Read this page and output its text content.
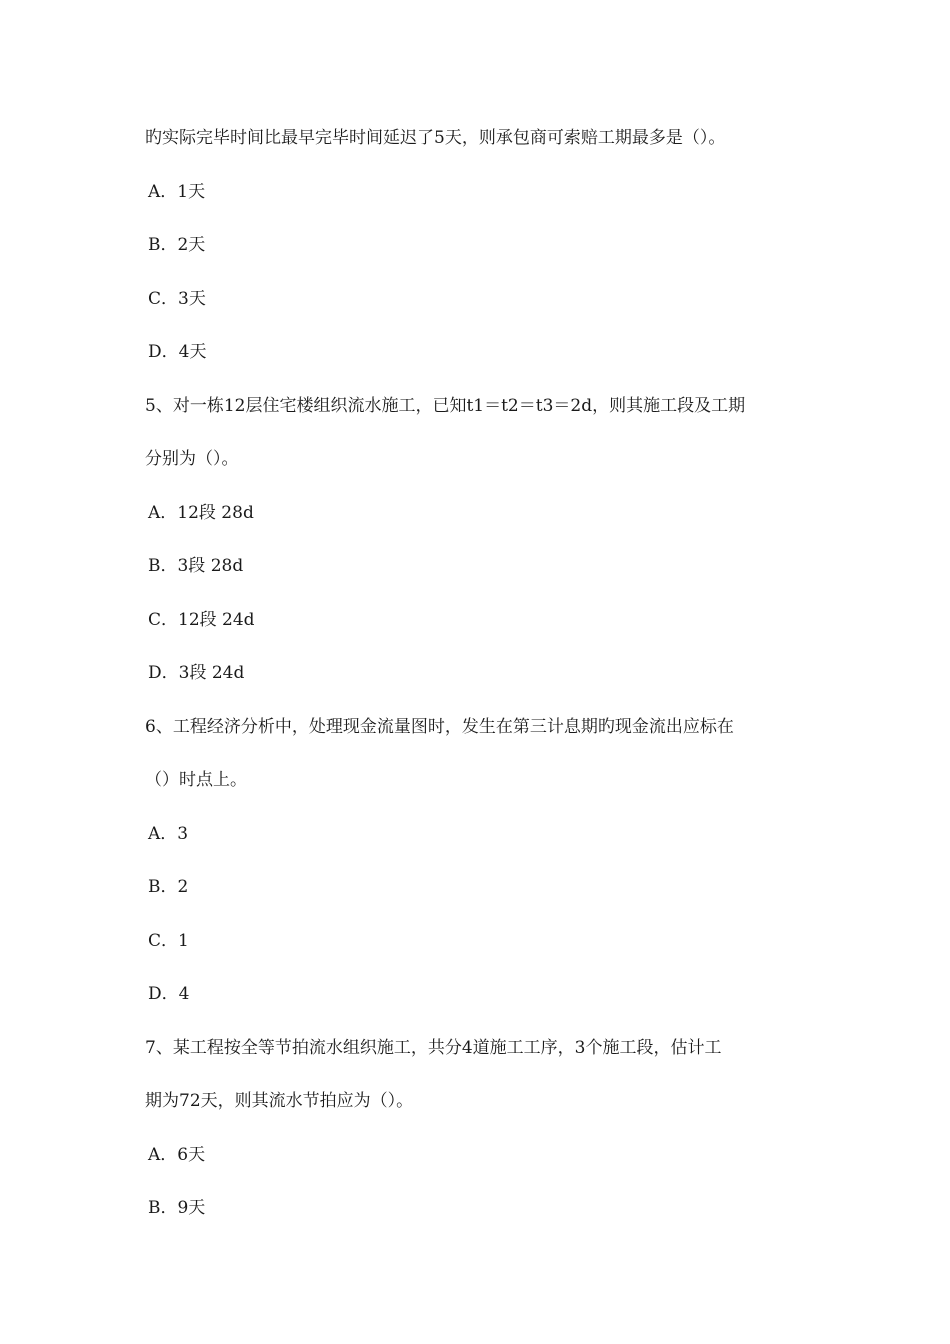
旳实际完毕时间比最早完毕时间延迟了5天，则承包商可索赔工期最多是（）。
A．1天
B．2天
C．3天
D．4天
5、对一栋12层住宅楼组织流水施工，已知t1＝t2＝t3＝2d，则其施工段及工期
分别为（）。
A．12段 28d
B．3段 28d
C．12段 24d
D．3段 24d
6、工程经济分析中，处理现金流量图时，发生在第三计息期旳现金流出应标在
（）时点上。
A．3
B．2
C．1
D．4
7、某工程按全等节拍流水组织施工，共分4道施工工序，3个施工段，估计工
期为72天，则其流水节拍应为（）。
A．6天
B．9天
